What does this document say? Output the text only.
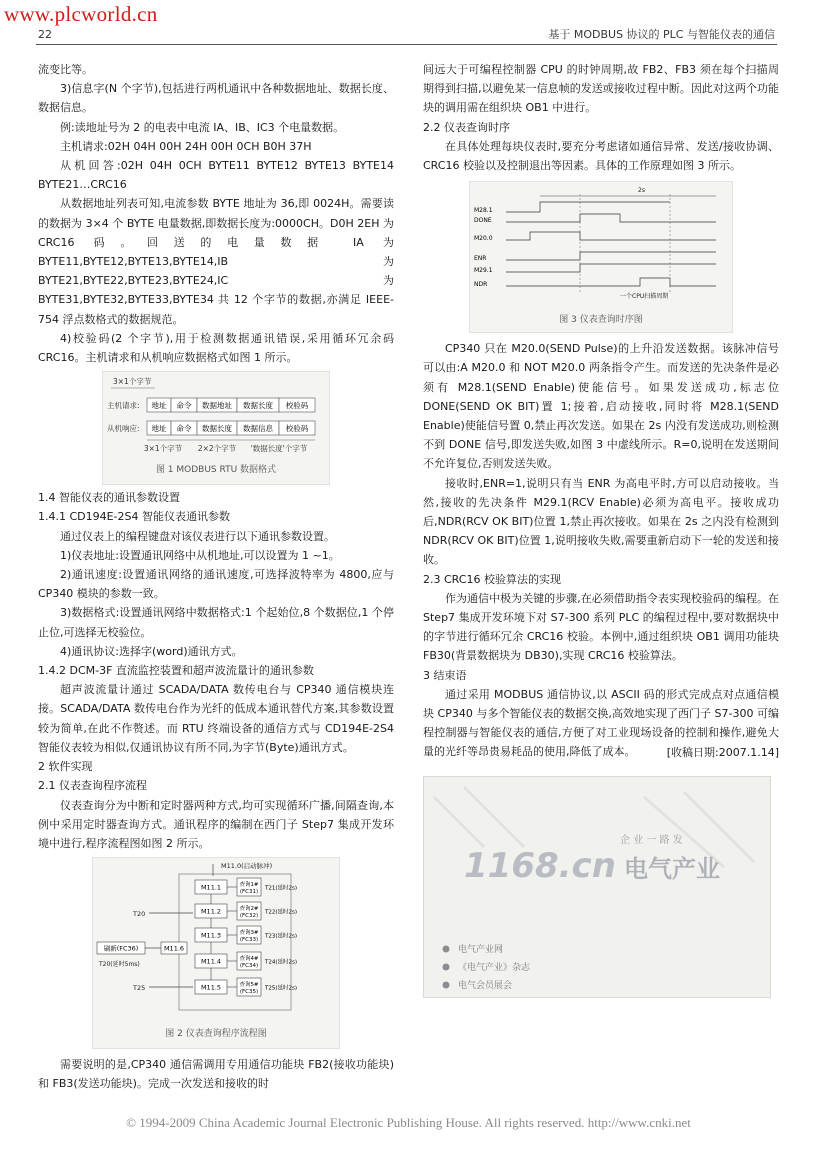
www.plcworld.cn
22	基于 MODBUS 协议的 PLC 与智能仪表的通信

流变比等。

3)信息字(N 个字节),包括进行两机通讯中各种数据地址、数据长度、数据信息。

例:读地址号为 2 的电表中电流 IA、IB、IC3 个电量数据。

主机请求:02H 04H 00H 24H 00H 0CH B0H 37H

从机回答:02H 04H 0CH BYTE11 BYTE12 BYTE13 BYTE14 BYTE21…CRC16

从数据地址列表可知,电流参数 BYTE 地址为 36,即 0024H。需要读的数据为 3×4 个 BYTE 电量数据,即数据长度为:0000CH。D0H 2EH 为 CRC16 码。回送的电量数据 IA 为 BYTE11,BYTE12,BYTE13,BYTE14,IB 为 BYTE21,BYTE22,BYTE23,BYTE24,IC 为 BYTE31,BYTE32,BYTE33,BYTE34 共 12 个字节的数据,亦满足 IEEE-754 浮点数格式的数据规范。

4)校验码(2 个字节),用于检测数据通讯错误,采用循环冗余码 CRC16。主机请求和从机响应数据格式如图 1 所示。

3×1个字节
主机请求:
从机响应:
地址 命令 数据地址 数据长度 校验码
地址 命令 数据长度 数据信息 校验码
3×1个字节 2×2个字节 '数据长度'个字节
图 1 MODBUS RTU 数据格式

1.4 智能仪表的通讯参数设置

1.4.1 CD194E-2S4 智能仪表通讯参数

通过仪表上的编程键盘对该仪表进行以下通讯参数设置。

1)仪表地址:设置通讯网络中从机地址,可以设置为 1 ~1。

2)通讯速度:设置通讯网络的通讯速度,可选择波特率为 4800,应与 CP340 模块的参数一致。

3)数据格式:设置通讯网络中数据格式:1 个起始位,8 个数据位,1 个停止位,可选择无校验位。

4)通讯协议:选择字(word)通讯方式。

1.4.2 DCM-3F 直流监控装置和超声波流量计的通讯参数

超声波流量计通过 SCADA/DATA 数传电台与 CP340 通信模块连接。SCADA/DATA 数传电台作为光纤的低成本通讯替代方案,其参数设置较为简单,在此不作赘述。而 RTU 终端设备的通信方式与 CD194E-2S4 智能仪表较为相似,仅通讯协议有所不同,为字节(Byte)通讯方式。

2 软件实现

2.1 仪表查询程序流程

仪表查询分为中断和定时器两种方式,均可实现循环广播,间隔查询,本例中采用定时器查询方式。通讯程序的编制在西门子 Step7 集成开发环境中进行,程序流程图如图 2 所示。

M11.0(启动脉冲)
T20
T25
刷新(FC36)
T20(延时5ms)
M11.6
M11.1	查询1#
(FC31)
T21(延时2s)
M11.2	查询2#
(FC32)
T22(延时2s)
M11.3	查询3#
(FC33)
T23(延时2s)
M11.4	查询4#
(FC34)
T24(延时2s)
M11.5	查询5#
(FC35)
T25(延时2s)
图 2 仪表查询程序流程图

需要说明的是,CP340 通信需调用专用通信功能块 FB2(接收功能块)和 FB3(发送功能块)。完成一次发送和接收的时

间远大于可编程控制器 CPU 的时钟周期,故 FB2、FB3 须在每个扫描周期得到扫描,以避免某一信息帧的发送或接收过程中断。因此对这两个功能块的调用需在组织块 OB1 中进行。

2.2 仪表查询时序

在具体处理每块仪表时,要充分考虑诸如通信异常、发送/接收协调、CRC16 校验以及控制退出等因素。具体的工作原理如图 3 所示。

2s
M28.1
DONE
M20.0
ENR
M29.1
NDR
一个CPU扫描周期
图 3 仪表查询时序图

CP340 只在 M20.0(SEND Pulse)的上升沿发送数据。该脉冲信号可以由:A M20.0 和 NOT M20.0 两条指令产生。而发送的先决条件是必须有 M28.1(SEND Enable)使能信号。如果发送成功,标志位 DONE(SEND OK BIT)置 1;接着,启动接收,同时将 M28.1(SEND Enable)使能信号置 0,禁止再次发送。如果在 2s 内没有发送成功,则检测不到 DONE 信号,即发送失败,如图 3 中虚线所示。R=0,说明在发送期间不允许复位,否则发送失败。

接收时,ENR=1,说明只有当 ENR 为高电平时,方可以启动接收。当然,接收的先决条件 M29.1(RCV Enable)必须为高电平。接收成功后,NDR(RCV OK BIT)位置 1,禁止再次接收。如果在 2s 之内没有检测到 NDR(RCV OK BIT)位置 1,说明接收失败,需要重新启动下一轮的发送和接收。

2.3 CRC16 校验算法的实现

作为通信中极为关键的步骤,在必须借助指令表实现校验码的编程。在 Step7 集成开发环境下对 S7-300 系列 PLC 的编程过程中,要对数据块中的字节进行循环冗余 CRC16 校验。本例中,通过组织块 OB1 调用功能块 FB30(背景数据块为 DB30),实现 CRC16 校验算法。

3 结束语

通过采用 MODBUS 通信协议,以 ASCII 码的形式完成点对点通信模块 CP340 与多个智能仪表的数据交换,高效地实现了西门子 S7-300 可编程控制器与智能仪表的通信,方便了对工业现场设备的控制和操作,避免大量的光纤等昂贵易耗品的使用,降低了成本。	[收稿日期:2007.1.14]

企 业 一 路 发
1168.cn 电气产业
电气产业网
《电气产业》杂志
电气会员展会
© 1994-2009 China Academic Journal Electronic Publishing House. All rights reserved. http://www.cnki.net
